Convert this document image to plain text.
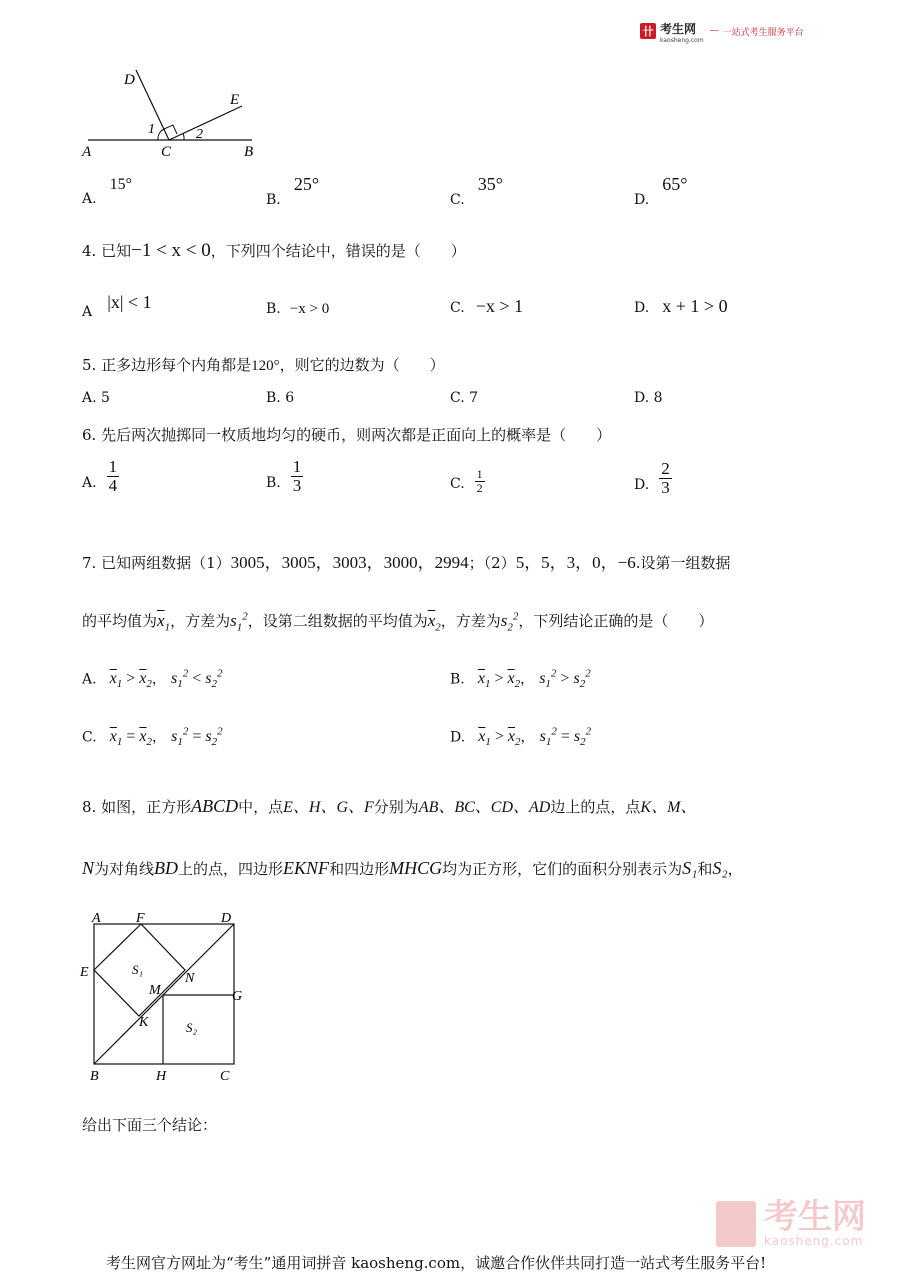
卄 考生网
kaosheng.com
— 一站式考生服务平台
D
E
1	2
A	C	B
A. 15°
B. 25°
C. 35°
D. 65°
4. 已知−1 < x < 0，下列四个结论中，错误的是（　　）
A |x| < 1	B. −x > 0	C. −x > 1	D. x + 1 > 0
5. 正多边形每个内角都是120°，则它的边数为（　　）
A. 5	B. 6	C. 7	D. 8
6. 先后两次抛掷同一枚质地均匀的硬币，则两次都是正面向上的概率是（　　）
A. $\frac{1}{4}$	B. $\frac{1}{3}$	C. $\frac{1}{2}$	D. $\frac{2}{3}$
7. 已知两组数据（1）3005，3005，3003，3000，2994；（2）5，5，3，0，−6.设第一组数据
的平均值为$\overline{x}_1$，方差为$s_1^2$，设第二组数据的平均值为$\overline{x}_2$，方差为$s_2^2$，下列结论正确的是（　　）
A. $\overline{x}_1 > \overline{x}_2$， $s_1^2 < s_2^2$	B. $\overline{x}_1 > \overline{x}_2$， $s_1^2 > s_2^2$
C. $\overline{x}_1 = \overline{x}_2$， $s_1^2 = s_2^2$	D. $\overline{x}_1 > \overline{x}_2$， $s_1^2 = s_2^2$
8. 如图，正方形ABCD中，点E、H、G、F分别为AB、BC、CD、AD边上的点，点K、M、
N为对角线BD上的点，四边形EKNF和四边形MHCG均为正方形，它们的面积分别表示为S₁和S₂，
A	F	D
E	S₁
N
M	G
K	S₂
B	H	C
给出下面三个结论：
考生网
kaosheng.com
考生网官方网址为“考生”通用词拼音 kaosheng.com，诚邀合作伙伴共同打造一站式考生服务平台!
